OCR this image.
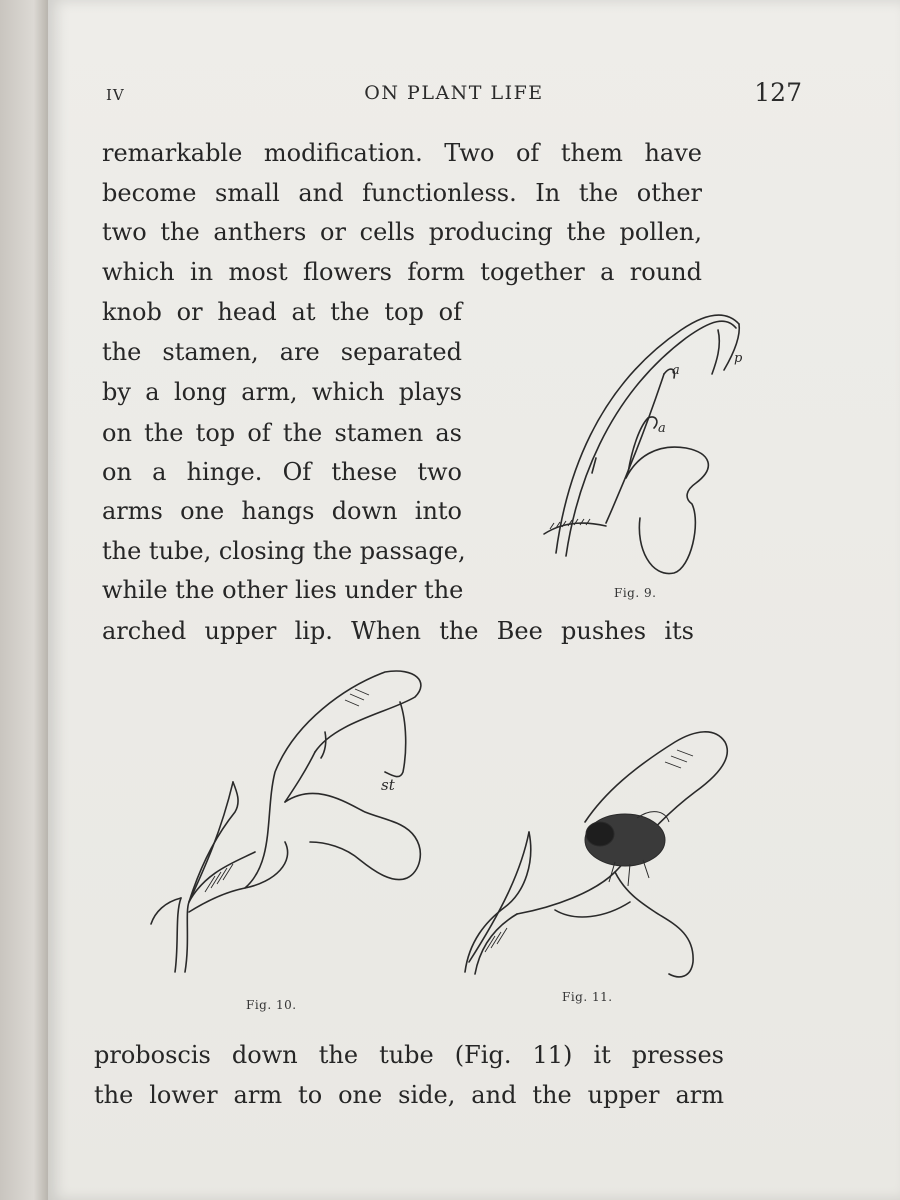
IV	ON PLANT LIFE	127
remarkable modification. Two of them have
become small and functionless. In the other
two the anthers or cells producing the pollen,
which in most flowers form together a round
knob or head at the top of
the stamen, are separated
by a long arm, which plays
on the top of the stamen as
on a hinge. Of these two
arms one hangs down into
the tube, closing the passage,
while the other lies under the
arched upper lip. When the Bee pushes its
a
a
p
Fig. 9.
st
Fig. 10.
Fig. 11.
proboscis down the tube (Fig. 11) it presses
the lower arm to one side, and the upper arm
